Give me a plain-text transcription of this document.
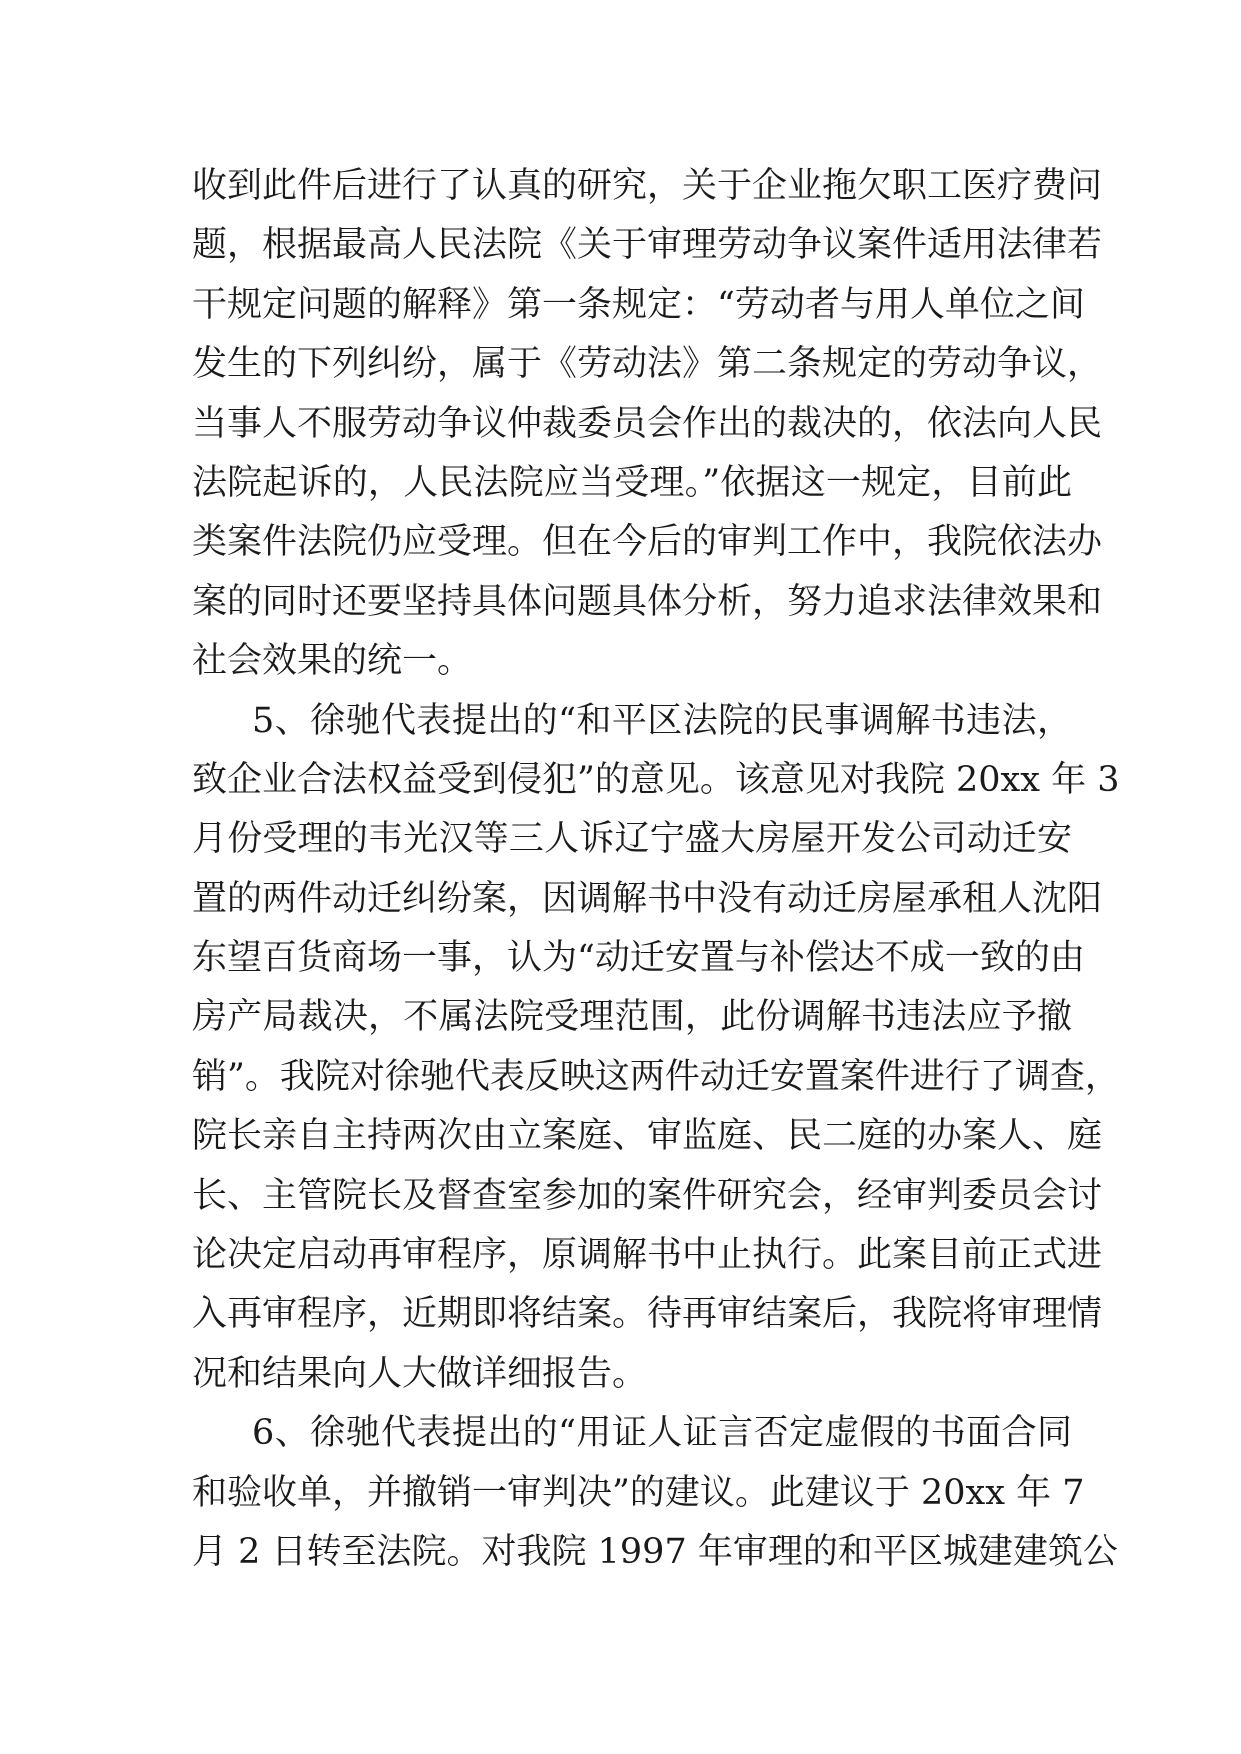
收到此件后进行了认真的研究，关于企业拖欠职工医疗费问
题，根据最高人民法院《关于审理劳动争议案件适用法律若
干规定问题的解释》第一条规定：“劳动者与用人单位之间
发生的下列纠纷，属于《劳动法》第二条规定的劳动争议，
当事人不服劳动争议仲裁委员会作出的裁决的，依法向人民
法院起诉的，人民法院应当受理。”依据这一规定，目前此
类案件法院仍应受理。但在今后的审判工作中，我院依法办
案的同时还要坚持具体问题具体分析，努力追求法律效果和
社会效果的统一。
5、徐驰代表提出的“和平区法院的民事调解书违法，
致企业合法权益受到侵犯”的意见。该意见对我院 20xx 年 3
月份受理的韦光汉等三人诉辽宁盛大房屋开发公司动迁安
置的两件动迁纠纷案，因调解书中没有动迁房屋承租人沈阳
东望百货商场一事，认为“动迁安置与补偿达不成一致的由
房产局裁决，不属法院受理范围，此份调解书违法应予撤
销”。我院对徐驰代表反映这两件动迁安置案件进行了调查，
院长亲自主持两次由立案庭、审监庭、民二庭的办案人、庭
长、主管院长及督查室参加的案件研究会，经审判委员会讨
论决定启动再审程序，原调解书中止执行。此案目前正式进
入再审程序，近期即将结案。待再审结案后，我院将审理情
况和结果向人大做详细报告。
6、徐驰代表提出的“用证人证言否定虚假的书面合同
和验收单，并撤销一审判决”的建议。此建议于 20xx 年 7
月 2 日转至法院。对我院 1997 年审理的和平区城建建筑公
